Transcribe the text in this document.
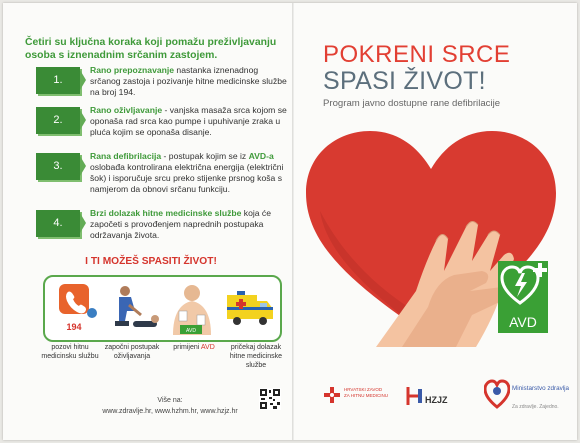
Četiri su ključna koraka koji pomažu preživljavanju osoba s iznenadnim srčanim zastojem.
1.
Rano prepoznavanje nastanka iznenadnog srčanog zastoja i pozivanje hitne medicinske službe na broj 194.
2.
Rano oživljavanje - vanjska masaža srca kojom se oponaša rad srca kao pumpe i upuhivanje zraka u pluća kojim se oponaša disanje.
3.
Rana defibrilacija - postupak kojim se iz AVD-a oslobađa kontrolirana električna energija (električni šok) i isporučuje srcu preko stijenke prsnog koša s namjerom da obnovi srčanu funkciju.
4.
Brzi dolazak hitne medicinske službe koja će započeti s provođenjem naprednih postupaka održavanja života.
I TI MOŽEŠ SPASITI ŽIVOT!
194	AVD
pozovi hitnu medicinsku službu
započni postupak oživljavanja
primijeni AVD	pričekaj dolazak hitne medicinske službe
Više na:
www.zdravlje.hr, www.hzhm.hr, www.hzjz.hr
POKRENI SRCE
SPASI ŽIVOT!
Program javno dostupne rane defibrilacije
AVD
HRVATSKI ZAVOD ZA HITNU MEDICINU	HZJZ
Ministarstvo zdravlja
Za zdravlje. Zajedno.
